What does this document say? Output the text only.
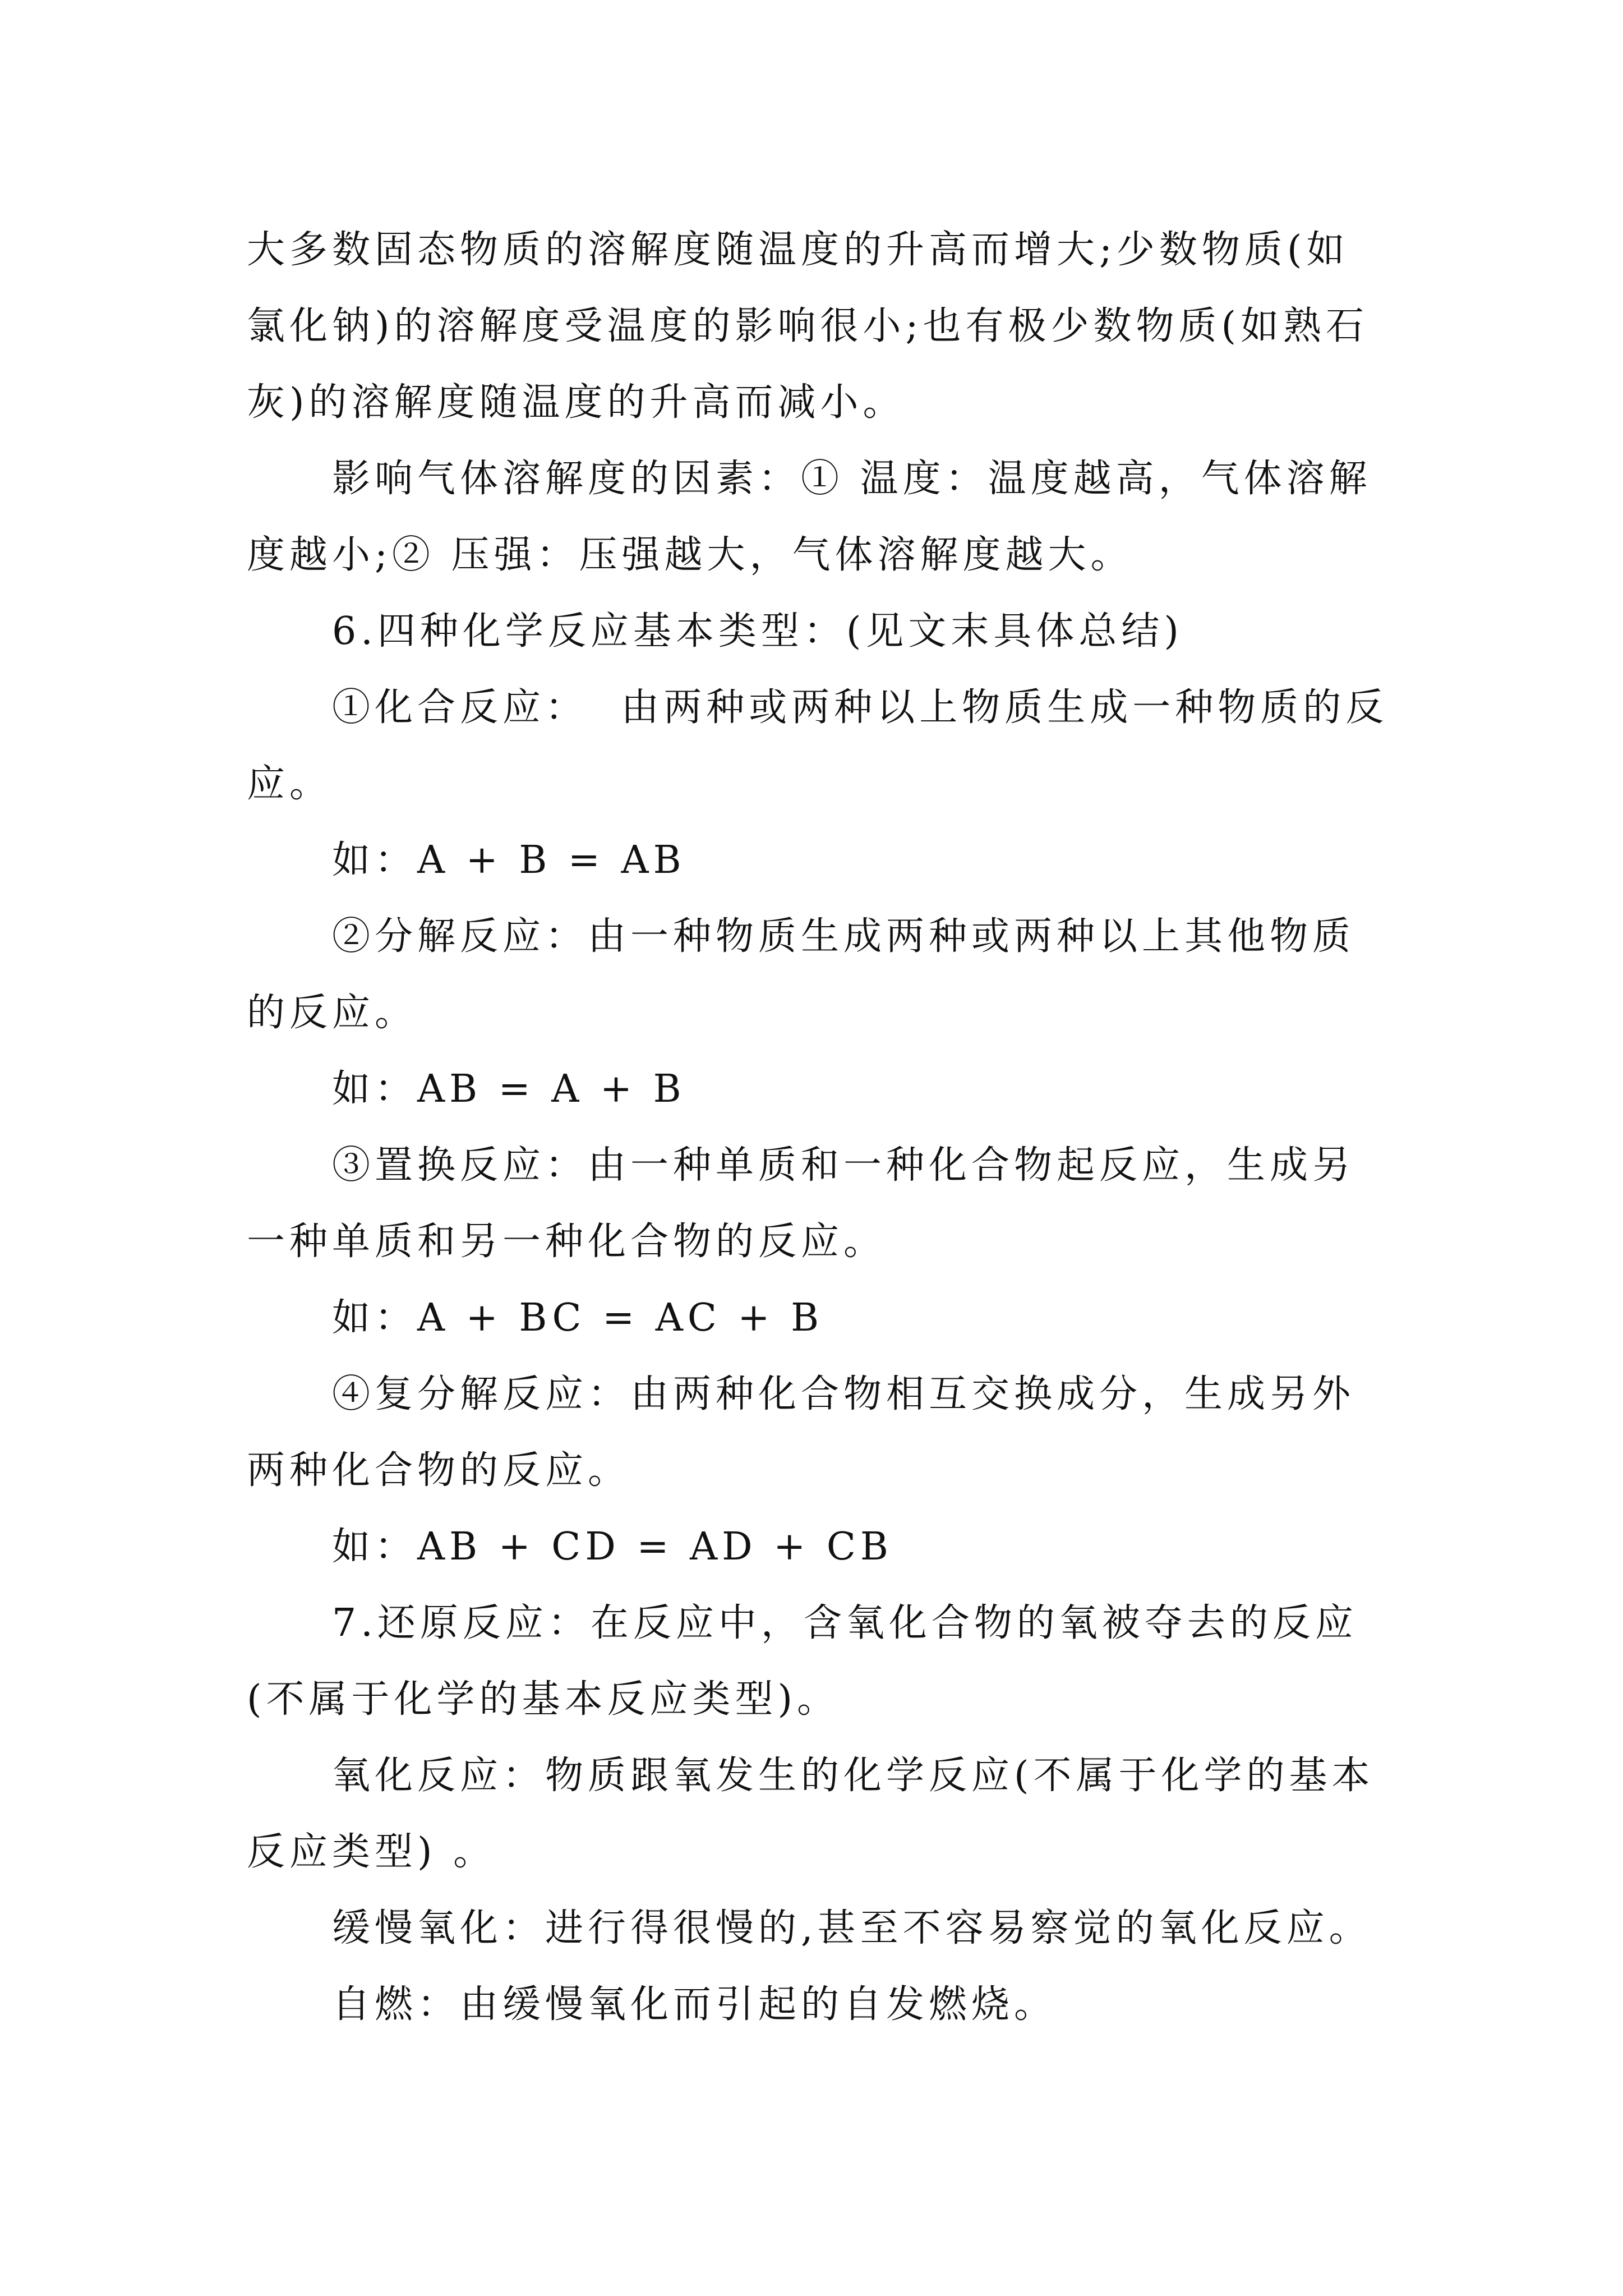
大多数固态物质的溶解度随温度的升高而增大;少数物质(如氯化钠)的溶解度受温度的影响很小;也有极少数物质(如熟石灰)的溶解度随温度的升高而减小。

影响气体溶解度的因素：① 温度：温度越高，气体溶解度越小;② 压强：压强越大，气体溶解度越大。

6.四种化学反应基本类型：(见文末具体总结)

①化合反应：  由两种或两种以上物质生成一种物质的反应。

如：A + B = AB

②分解反应：由一种物质生成两种或两种以上其他物质的反应。

如：AB = A + B

③置换反应：由一种单质和一种化合物起反应，生成另一种单质和另一种化合物的反应。

如：A + BC = AC + B

④复分解反应：由两种化合物相互交换成分，生成另外两种化合物的反应。

如：AB + CD = AD + CB

7.还原反应：在反应中，含氧化合物的氧被夺去的反应(不属于化学的基本反应类型)。

氧化反应：物质跟氧发生的化学反应(不属于化学的基本反应类型) 。

缓慢氧化：进行得很慢的,甚至不容易察觉的氧化反应。

自燃：由缓慢氧化而引起的自发燃烧。
